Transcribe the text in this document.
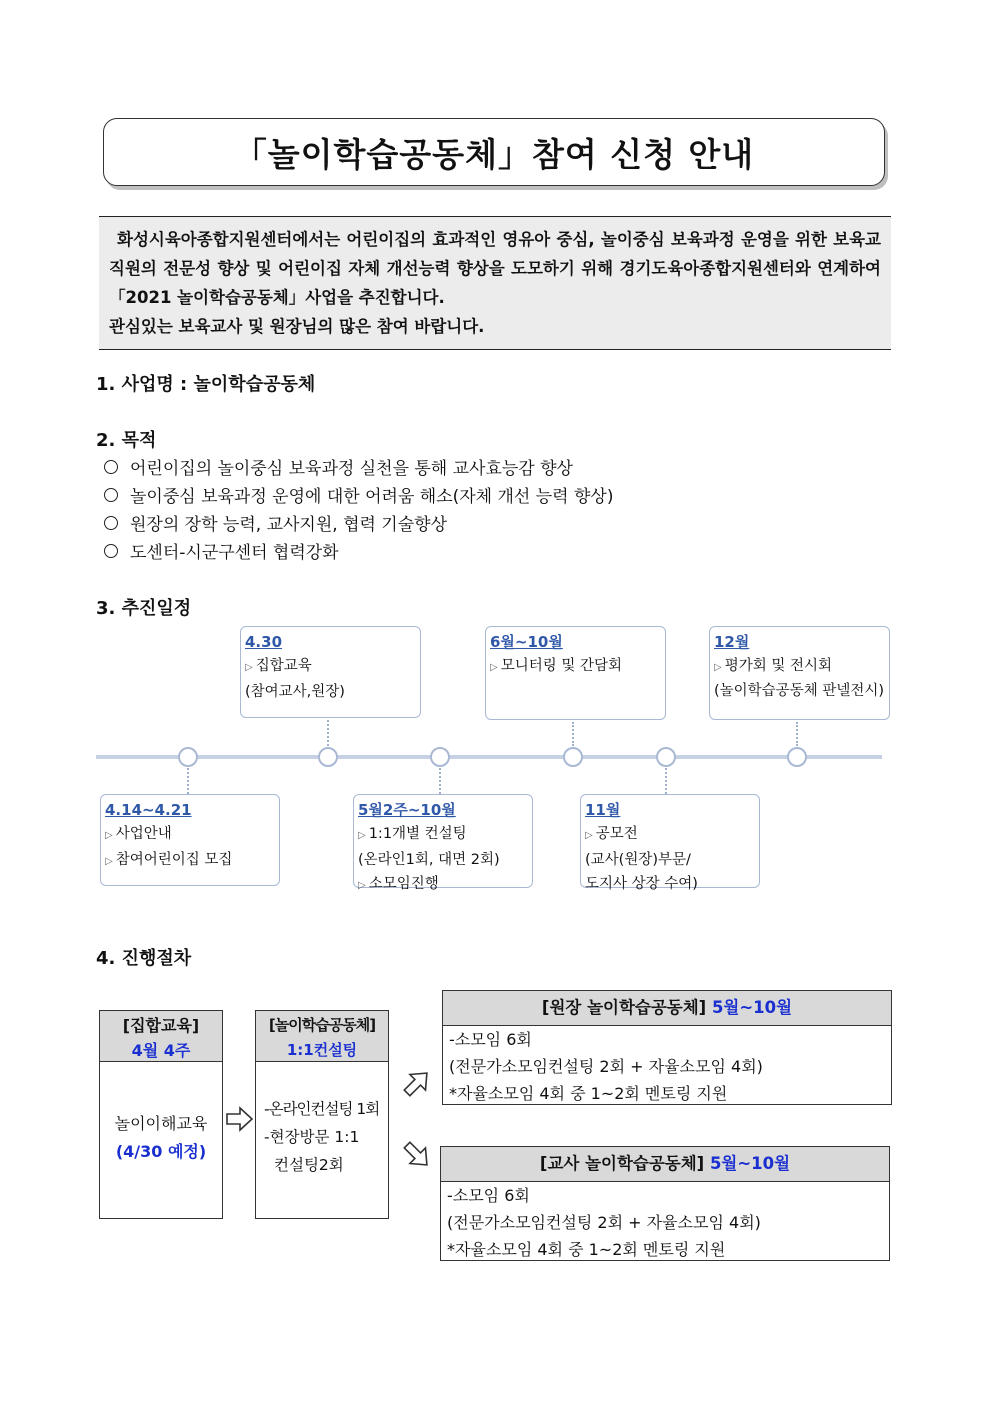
「놀이학습공동체」참여 신청 안내

화성시육아종합지원센터에서는 어린이집의 효과적인 영유아 중심, 놀이중심 보육과정 운영을 위한 보육교직원의 전문성 향상 및 어린이집 자체 개선능력 향상을 도모하기 위해 경기도육아종합지원센터와 연계하여「2021 놀이학습공동체」사업을 추진합니다.

관심있는 보육교사 및 원장님의 많은 참여 바랍니다.

1. 사업명 : 놀이학습공동체
2. 목적
어린이집의 놀이중심 보육과정 실천을 통해 교사효능감 향상
놀이중심 보육과정 운영에 대한 어려움 해소(자체 개선 능력 향상)
원장의 장학 능력, 교사지원, 협력 기술향상
도센터-시군구센터 협력강화
3. 추진일정
4.30
▷ 집합교육
(참여교사,원장)
6월~10월
▷ 모니터링 및 간담회
12월
▷ 평가회 및 전시회
(놀이학습공동체 판넬전시)
4.14~4.21
▷ 사업안내
▷ 참여어린이집 모집
5월2주~10월
▷ 1:1개별 컨설팅
(온라인1회, 대면 2회)
▷ 소모임진행
11월
▷ 공모전
(교사(원장)부문/
도지사 상장 수여)
4. 진행절차
[집합교육]
4월 4주
놀이이해교육
(4/30 예정)
[놀이학습공동체]
1:1컨설팅
-온라인컨설팅 1회
-현장방문 1:1
컨설팅2회
[원장 놀이학습공동체] 5월~10월
-소모임 6회
(전문가소모임컨설팅 2회 + 자율소모임 4회)
*자율소모임 4회 중 1~2회 멘토링 지원
[교사 놀이학습공동체] 5월~10월
-소모임 6회
(전문가소모임컨설팅 2회 + 자율소모임 4회)
*자율소모임 4회 중 1~2회 멘토링 지원
